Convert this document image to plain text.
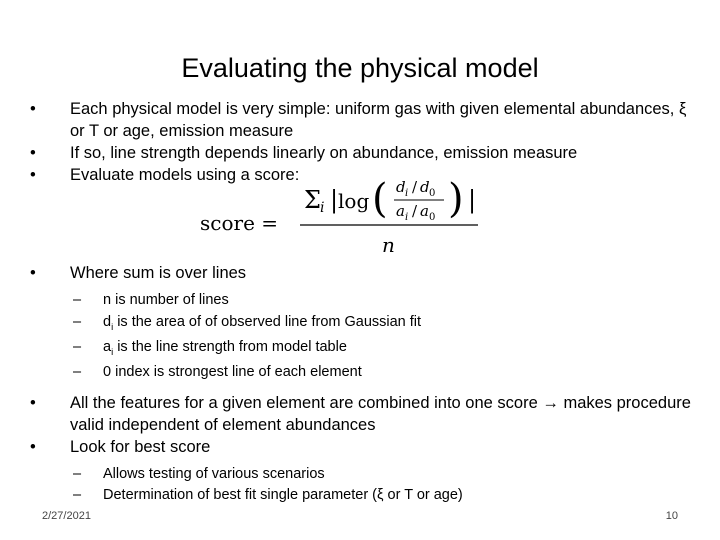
Evaluating the physical model
• Each physical model is very simple: uniform gas with given elemental abundances, ξ or T or age, emission measure
• If so, line strength depends linearly on abundance, emission measure
• Evaluate models using a score:
• Where sum is over lines
– n is number of lines
– $d_i$ is the area of of observed line from Gaussian fit
– $a_i$ is the line strength from model table
– 0 index is strongest line of each element
• All the features for a given element are combined into one score → makes procedure valid independent of element abundances
• Look for best score
– Allows testing of various scenarios
– Determination of best fit single parameter (ξ or T or age)
score =
Σ i | log ( d i / d 0
a i / a 0 ) |
n
2/27/2021	10
